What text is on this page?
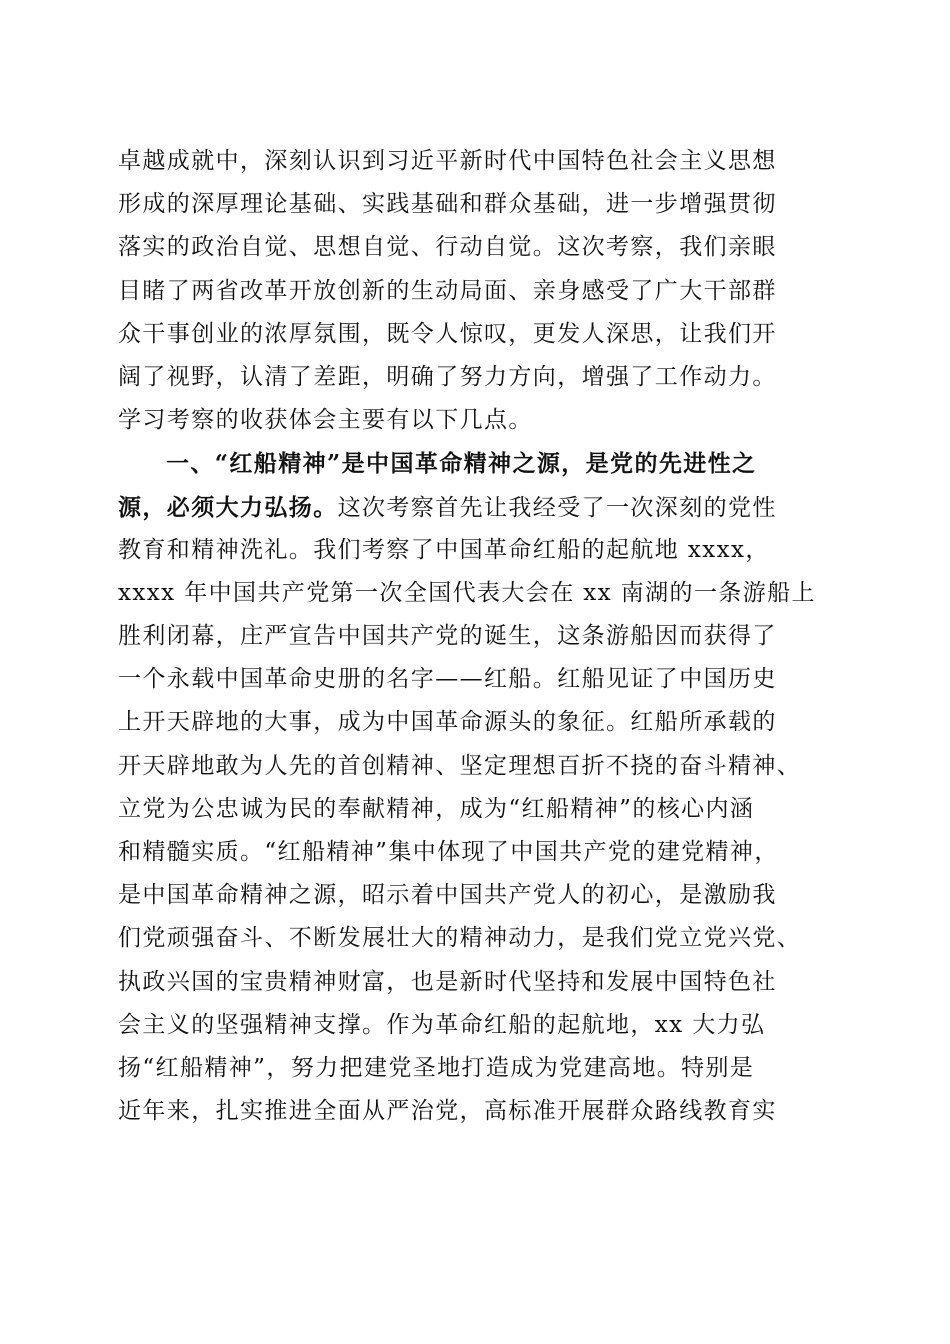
卓越成就中，深刻认识到习近平新时代中国特色社会主义思想
形成的深厚理论基础、实践基础和群众基础，进一步增强贯彻
落实的政治自觉、思想自觉、行动自觉。这次考察，我们亲眼
目睹了两省改革开放创新的生动局面、亲身感受了广大干部群
众干事创业的浓厚氛围，既令人惊叹，更发人深思，让我们开
阔了视野，认清了差距，明确了努力方向，增强了工作动力。
学习考察的收获体会主要有以下几点。
一、“红船精神”是中国革命精神之源，是党的先进性之
源，必须大力弘扬。这次考察首先让我经受了一次深刻的党性
教育和精神洗礼。我们考察了中国革命红船的起航地 xxxx，
xxxx 年中国共产党第一次全国代表大会在 xx 南湖的一条游船上
胜利闭幕，庄严宣告中国共产党的诞生，这条游船因而获得了
一个永载中国革命史册的名字——红船。红船见证了中国历史
上开天辟地的大事，成为中国革命源头的象征。红船所承载的
开天辟地敢为人先的首创精神、坚定理想百折不挠的奋斗精神、
立党为公忠诚为民的奉献精神，成为“红船精神”的核心内涵
和精髓实质。“红船精神”集中体现了中国共产党的建党精神，
是中国革命精神之源，昭示着中国共产党人的初心，是激励我
们党顽强奋斗、不断发展壮大的精神动力，是我们党立党兴党、
执政兴国的宝贵精神财富，也是新时代坚持和发展中国特色社
会主义的坚强精神支撑。作为革命红船的起航地，xx 大力弘
扬“红船精神”，努力把建党圣地打造成为党建高地。特别是
近年来，扎实推进全面从严治党，高标准开展群众路线教育实
